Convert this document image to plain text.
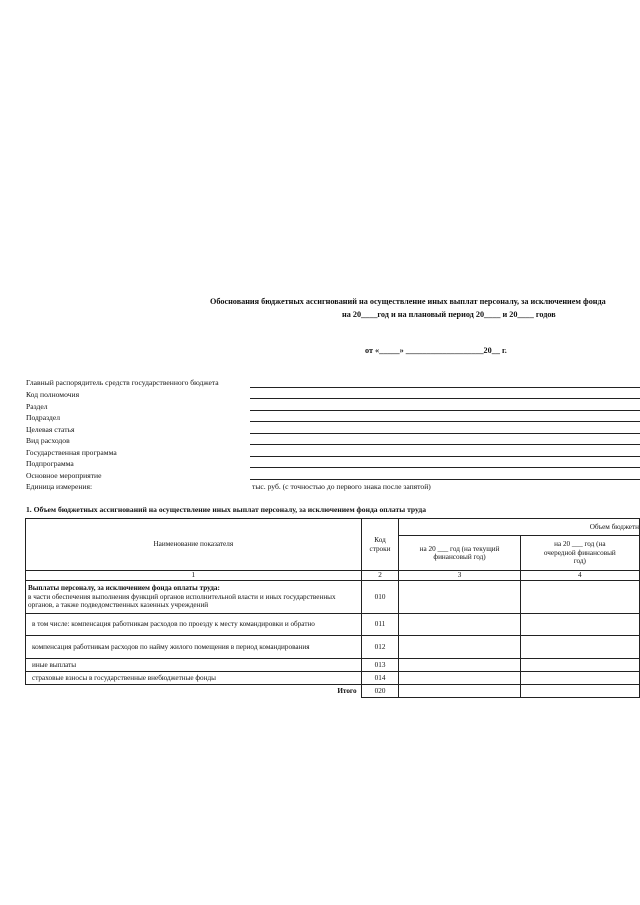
Обоснования бюджетных ассигнований на осуществление иных выплат персоналу, за исключением фонда
на 20____год и на плановый период 20____ и 20____ годов
от «_____» ___________________20__ г.
Главный распорядитель средств государственного бюджета
Код полномочия
Раздел
Подраздел
Целевая статья
Вид расходов
Государственная программа
Подпрограмма
Основное мероприятие
Единица измерения:	тыс. руб. (с точностью до первого знака после запятой)
1. Объем бюджетных ассигнований на осуществление иных выплат персоналу, за исключением фонда оплаты труда
Наименование показателя	Код строки	Объем бюджетн	
		на 20 ___ год (на текущий финансовый год)	на 20 ___ год (на очередной финансовый год)
1	2	3	4

Выплаты персоналу, за исключением фонда оплаты труда:
в части обеспечения выполнения функций органов исполнительной власти и иных государственных органов, а также подведомственных казенных учреждений	010		
в том числе: компенсация работникам расходов по проезду к месту командировки и обратно	011		
компенсация работникам расходов по найму жилого помещения в период командирования	012		
иные выплаты	013		
страховые взносы в государственные внебюджетные фонды	014		
Итого	020		
